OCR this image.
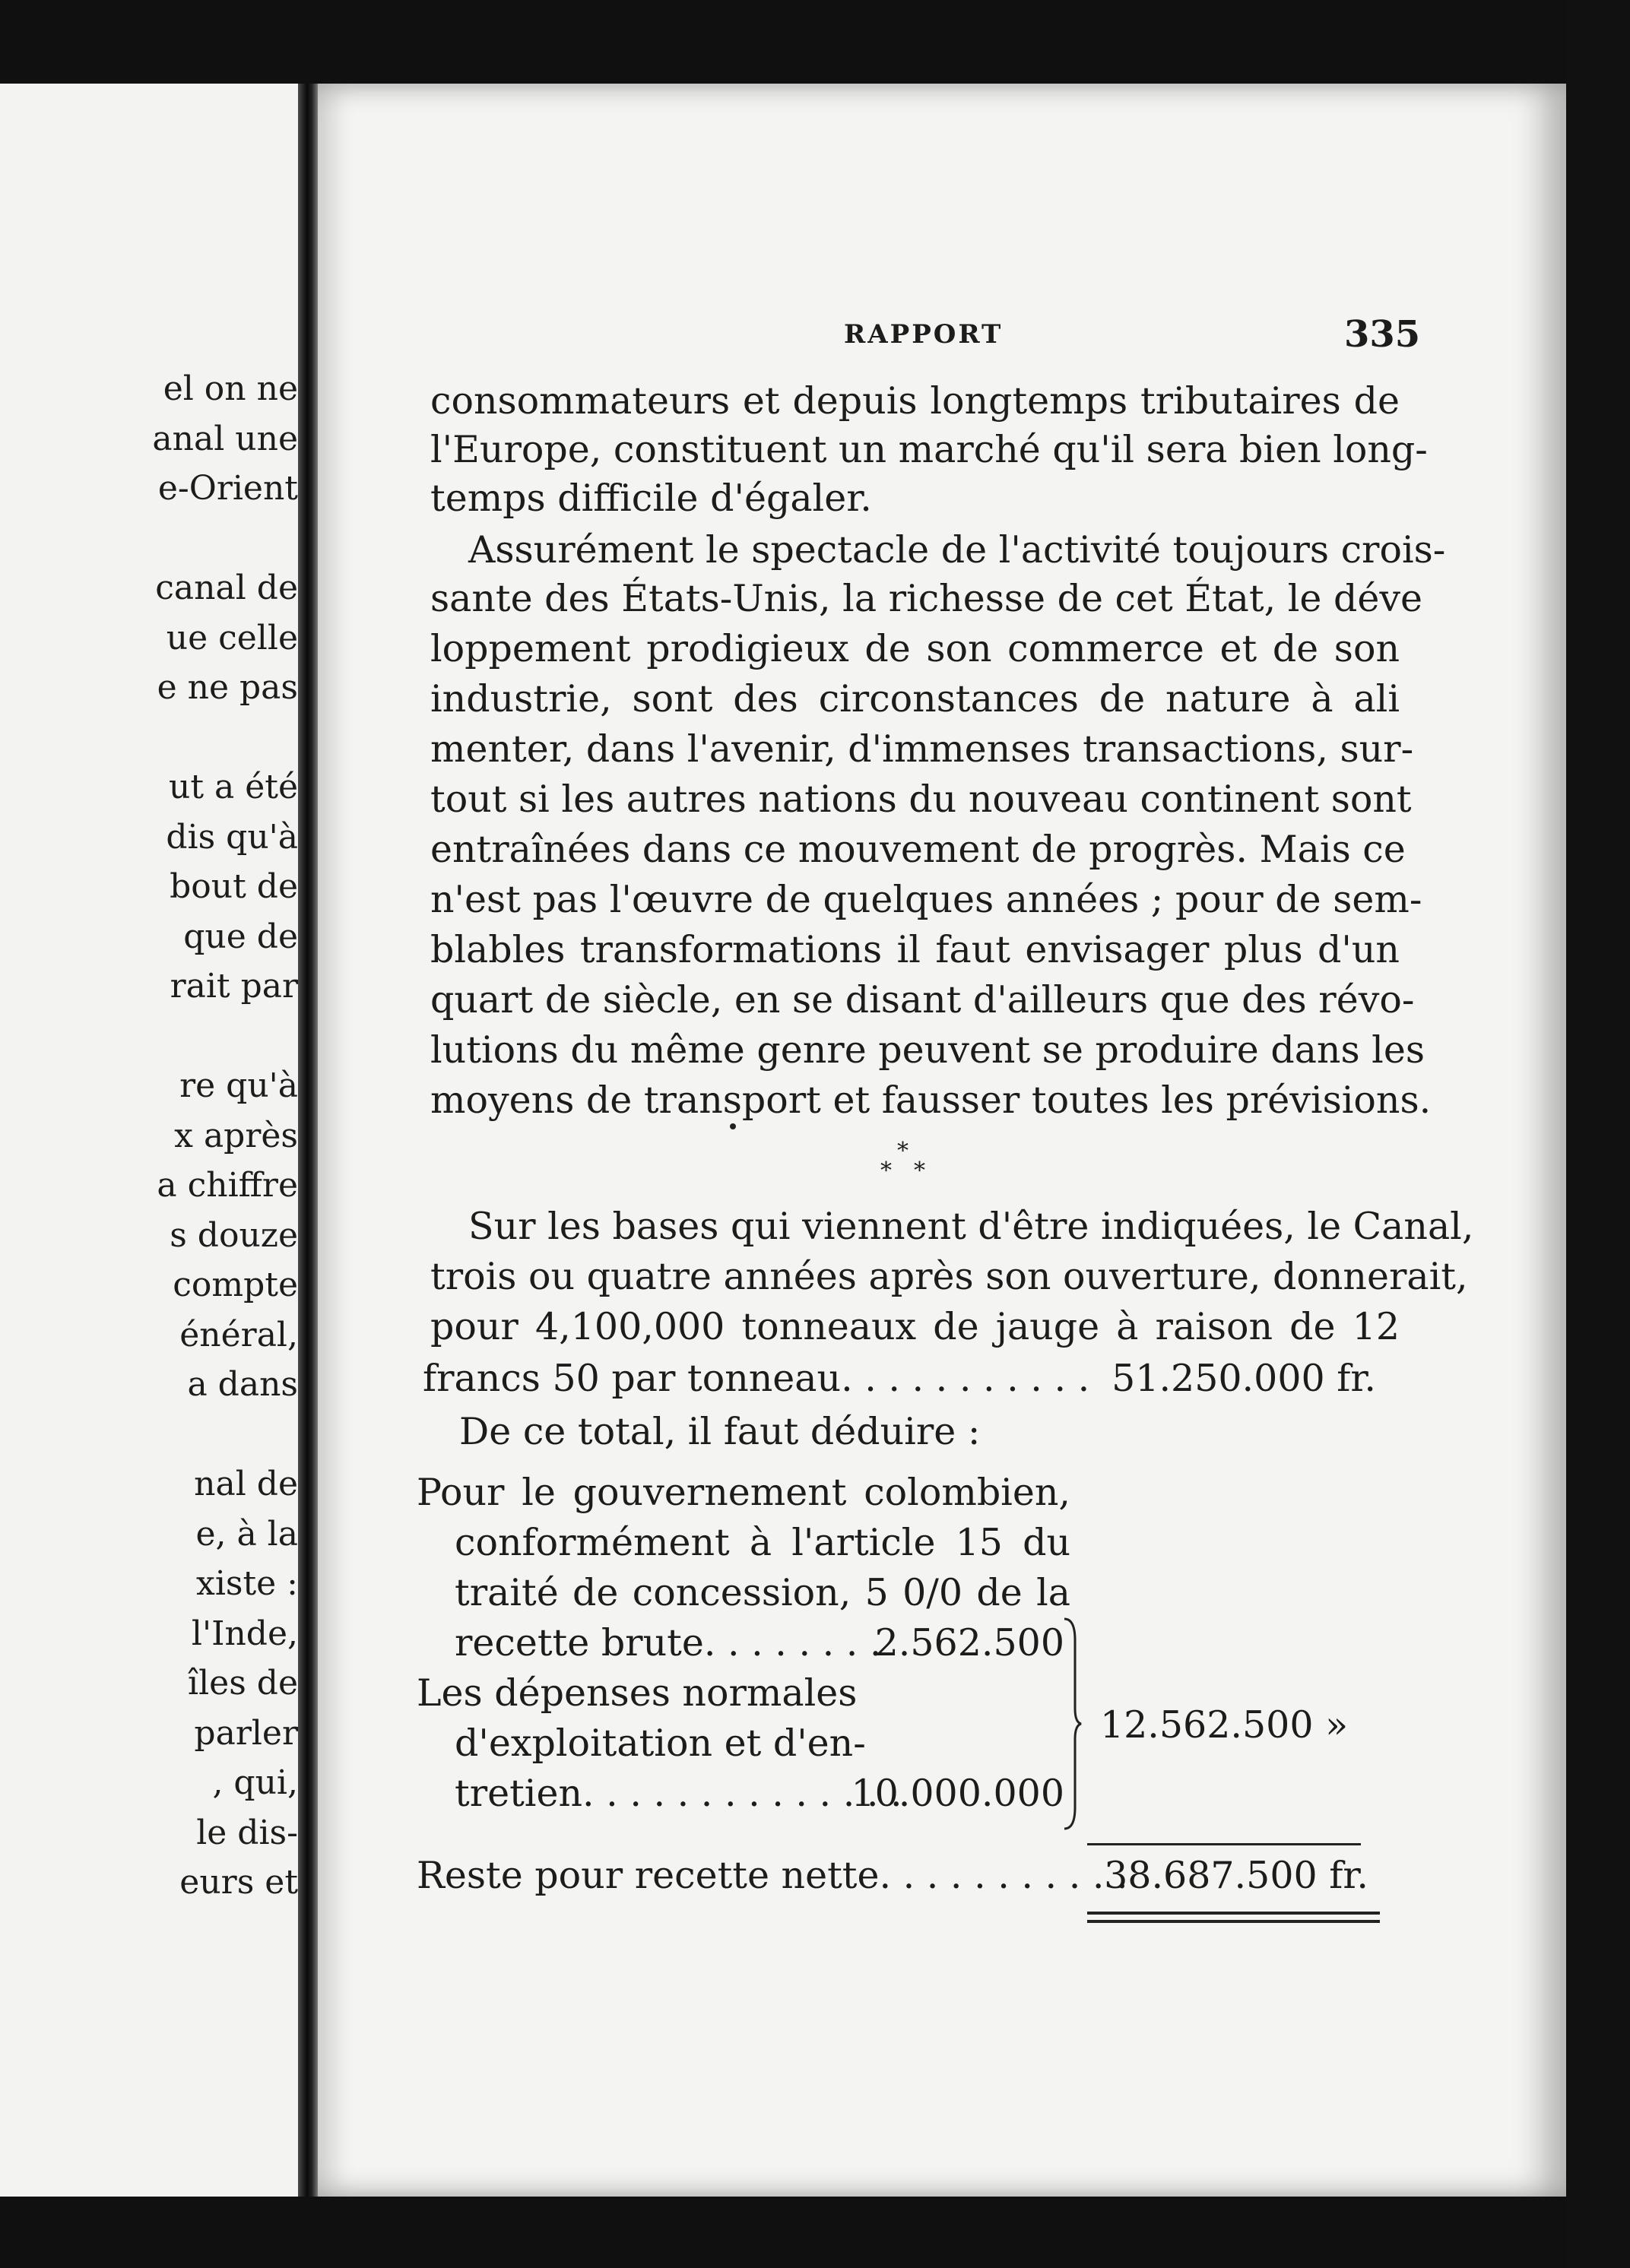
el on ne
anal une
e-Orient
canal de
ue celle
e ne pas
ut a été
dis qu'à
bout de
que de
rait par
re qu'à
x après
a chiffre
s douze
compte
énéral,
a dans
nal de
e, à la
xiste :
l'Inde,
îles de
parler
, qui,
le dis-
eurs et
RAPPORT	335
consommateurs et depuis longtemps tributaires de
l'Europe, constituent un marché qu'il sera bien long-
temps difficile d'égaler.
Assurément le spectacle de l'activité toujours crois-
sante des États-Unis, la richesse de cet État, le déve
loppement prodigieux de son commerce et de son
industrie, sont des circonstances de nature à ali
menter, dans l'avenir, d'immenses transactions, sur-
tout si les autres nations du nouveau continent sont
entraînées dans ce mouvement de progrès. Mais ce
n'est pas l'œuvre de quelques années ; pour de sem-
blables transformations il faut envisager plus d'un
quart de siècle, en se disant d'ailleurs que des révo-
lutions du même genre peuvent se produire dans les
moyens de transport et fausser toutes les prévisions.
*
* *
Sur les bases qui viennent d'être indiquées, le Canal,
trois ou quatre années après son ouverture, donnerait,
pour 4,100,000 tonneaux de jauge à raison de 12
francs 50 par tonneau. . . . . . . . . . . 51.250.000 fr.
De ce total, il faut déduire :
Pour le gouvernement colombien,
conformément à l'article 15 du
traité de concession, 5 0/0 de la
recette brute. . . . . . . .
2.562.500
Les dépenses normales
d'exploitation et d'en-
tretien. . . . . . . . . . . . . .
10.000.000
12.562.500 »
Reste pour recette nette. . . . . . . . . . .
38.687.500 fr.
